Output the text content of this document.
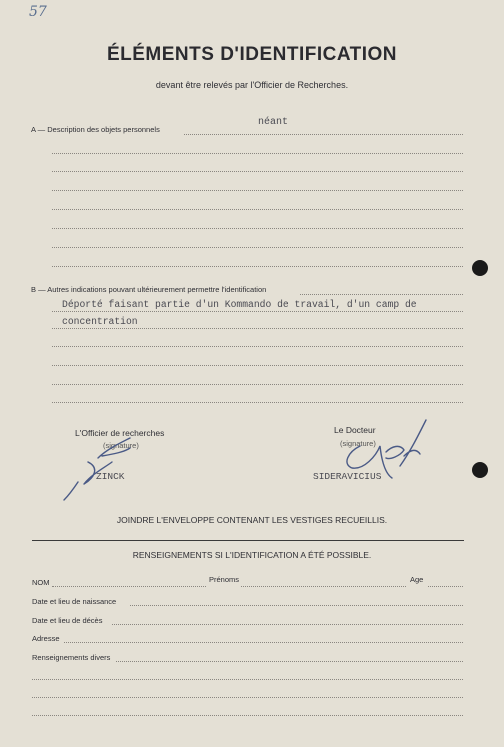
57
ÉLÉMENTS D'IDENTIFICATION
devant être relevés par l'Officier de Recherches.
A — Description des objets personnels
néant
B — Autres indications pouvant ultérieurement permettre l'identification
Déporté faisant partie d'un Kommando de travail, d'un camp de
concentration
L'Officier de recherches
(signature)
ZINCK
Le Docteur
(signature)
SIDERAVICIUS
JOINDRE L'ENVELOPPE CONTENANT LES VESTIGES RECUEILLIS.
RENSEIGNEMENTS SI L'IDENTIFICATION A ÉTÉ POSSIBLE.
NOM	Prénoms	Age
Date et lieu de naissance
Date et lieu de décès
Adresse
Renseignements divers
